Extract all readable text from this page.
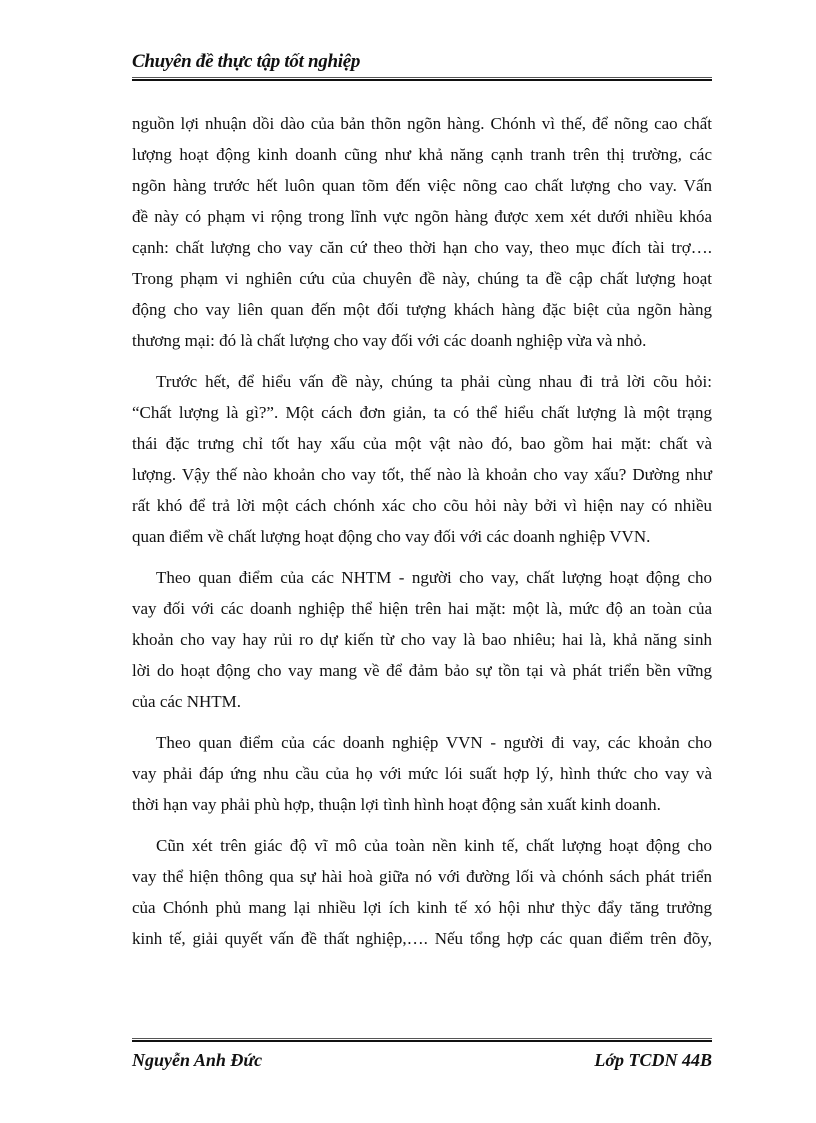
Chuyên đề thực tập tốt nghiệp
nguồn lợi nhuận dồi dào của bản thõn ngõn hàng. Chónh vì thế, để nõng cao chất
lượng hoạt động kinh doanh cũng như khả năng cạnh tranh trên thị trường, các
ngõn hàng trước hết luôn quan tõm đến việc nõng cao chất lượng cho vay. Vấn
đề này có phạm vi rộng trong lĩnh vực ngõn hàng được xem xét dưới nhiều khóa
cạnh: chất lượng cho vay căn cứ theo thời hạn cho vay, theo mục đích tài trợ….
Trong phạm vi nghiên cứu của chuyên đề này, chúng ta đề cập chất lượng hoạt
động cho vay liên quan đến một đối tượng khách hàng đặc biệt của ngõn hàng
thương mại: đó là chất lượng cho vay đối với các doanh nghiệp vừa và nhỏ.
Trước hết, để hiểu vấn đề này, chúng ta phải cùng nhau đi trả lời cõu hỏi:
“Chất lượng là gì?”. Một cách đơn giản, ta có thể hiểu chất lượng là một trạng
thái đặc trưng chỉ tốt hay xấu của một vật nào đó, bao gồm hai mặt: chất và
lượng. Vậy thế nào khoản cho vay tốt, thế nào là khoản cho vay xấu? Dường như
rất khó để trả lời một cách chónh xác cho cõu hỏi này bởi vì hiện nay có nhiều
quan điểm về chất lượng hoạt động cho vay đối với các doanh nghiệp VVN.
Theo quan điểm của các NHTM - người cho vay, chất lượng hoạt động cho
vay đối với các doanh nghiệp thể hiện trên hai mặt: một là, mức độ an toàn của
khoản cho vay hay rủi ro dự kiến từ cho vay là bao nhiêu; hai là, khả năng sinh
lời do hoạt động cho vay mang về để đảm bảo sự tồn tại và phát triển bền vững
của các NHTM.
Theo quan điểm của các doanh nghiệp VVN - người đi vay, các khoản cho
vay phải đáp ứng nhu cầu của họ với mức lói suất hợp lý, hình thức cho vay và
thời hạn vay phải phù hợp, thuận lợi tình hình hoạt động sản xuất kinh doanh.
Cũn xét trên giác độ vĩ mô của toàn nền kinh tế, chất lượng hoạt động cho
vay thể hiện thông qua sự hài hoà giữa nó với đường lối và chónh sách phát triển
của Chónh phủ mang lại nhiều lợi ích kinh tế xó hội như thỳc đẩy tăng trưởng
kinh tế, giải quyết vấn đề thất nghiệp,…. Nếu tổng hợp các quan điểm trên đõy,
Nguyễn Anh Đức	Lớp TCDN 44B
